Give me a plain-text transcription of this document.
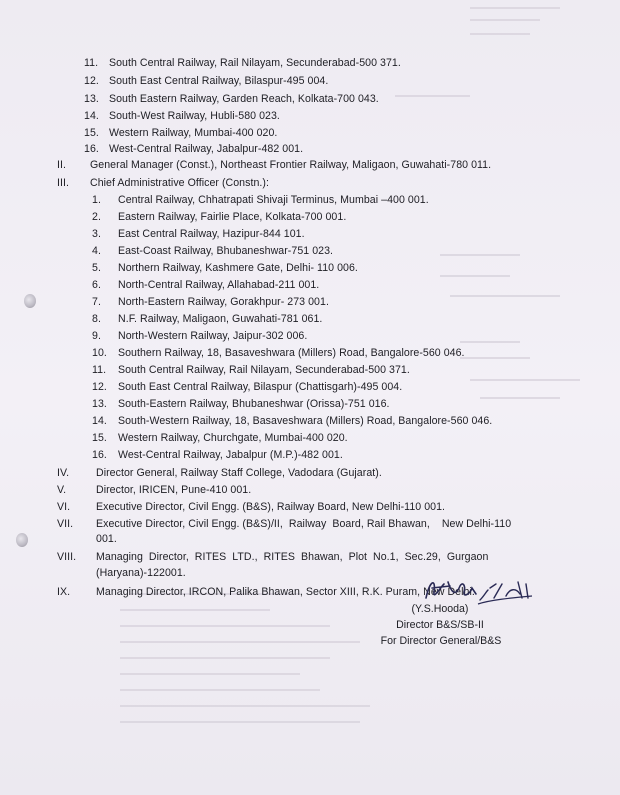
11. South Central Railway, Rail Nilayam, Secunderabad-500 371.
12. South East Central Railway, Bilaspur-495 004.
13. South Eastern Railway, Garden Reach, Kolkata-700 043.
14. South-West Railway, Hubli-580 023.
15. Western Railway, Mumbai-400 020.
16. West-Central Railway, Jabalpur-482 001.
II. General Manager (Const.), Northeast Frontier Railway, Maligaon, Guwahati-780 011.
III. Chief Administrative Officer (Constn.):
1. Central Railway, Chhatrapati Shivaji Terminus, Mumbai –400 001.
2. Eastern Railway, Fairlie Place, Kolkata-700 001.
3. East Central Railway, Hazipur-844 101.
4. East-Coast Railway, Bhubaneshwar-751 023.
5. Northern Railway, Kashmere Gate, Delhi- 110 006.
6. North-Central Railway, Allahabad-211 001.
7. North-Eastern Railway, Gorakhpur- 273 001.
8. N.F. Railway, Maligaon, Guwahati-781 061.
9. North-Western Railway, Jaipur-302 006.
10. Southern Railway, 18, Basaveshwara (Millers) Road, Bangalore-560 046.
11. South Central Railway, Rail Nilayam, Secunderabad-500 371.
12. South East Central Railway, Bilaspur (Chattisgarh)-495 004.
13. South-Eastern Railway, Bhubaneshwar (Orissa)-751 016.
14. South-Western Railway, 18, Basaveshwara (Millers) Road, Bangalore-560 046.
15. Western Railway, Churchgate, Mumbai-400 020.
16. West-Central Railway, Jabalpur (M.P.)-482 001.
IV.	Director General, Railway Staff College, Vadodara (Gujarat).
V.	Director, IRICEN, Pune-410 001.
VI. Executive Director, Civil Engg. (B&S), Railway Board, New Delhi-110 001.
VII. Executive Director, Civil Engg. (B&S)/II,  Railway  Board, Rail Bhawan,    New Delhi-110
001.
VIII. Managing  Director,  RITES  LTD.,  RITES  Bhawan,  Plot  No.1,  Sec.29,  Gurgaon
(Haryana)-122001.
IX. Managing Director, IRCON, Palika Bhawan, Sector XIII, R.K. Puram, New Delhi.
(Y.S.Hooda)
Director B&S/SB-II
For Director General/B&S
